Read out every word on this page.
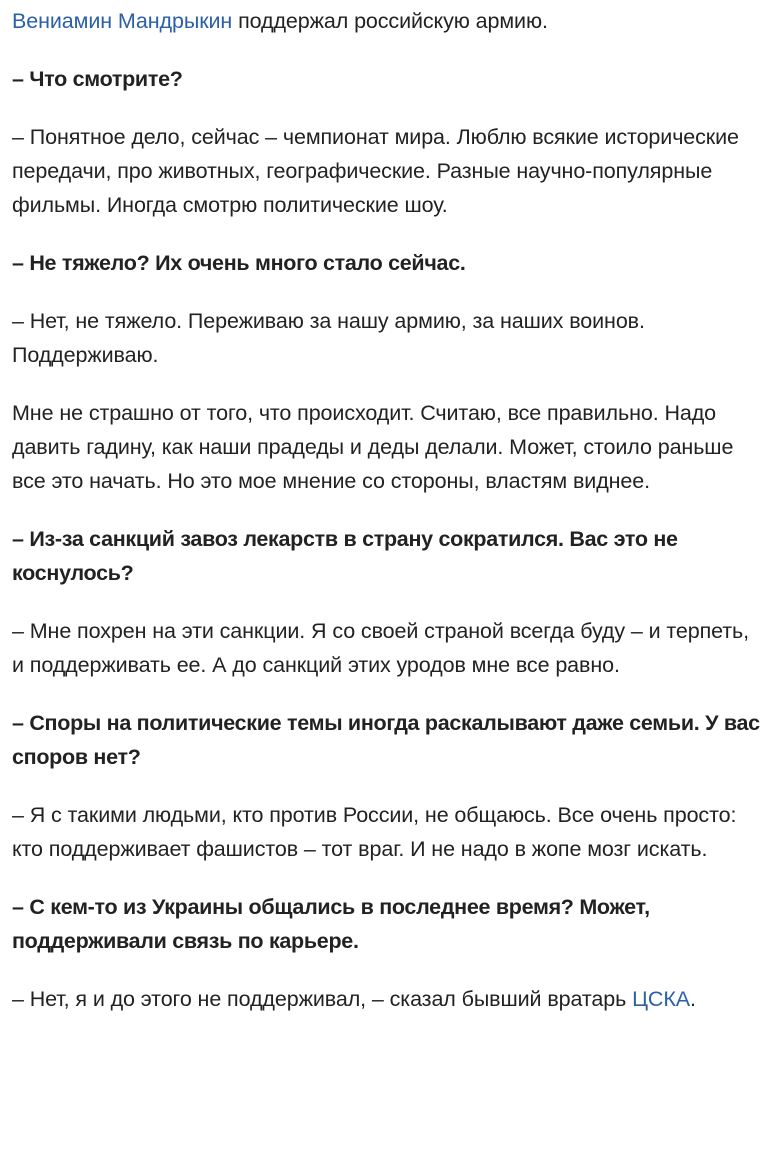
Вениамин Мандрыкин поддержал российскую армию.

– Что смотрите?

– Понятное дело, сейчас – чемпионат мира. Люблю всякие исторические передачи, про животных, географические. Разные научно-популярные фильмы. Иногда смотрю политические шоу.

– Не тяжело? Их очень много стало сейчас.

– Нет, не тяжело. Переживаю за нашу армию, за наших воинов. Поддерживаю.

Мне не страшно от того, что происходит. Считаю, все правильно. Надо давить гадину, как наши прадеды и деды делали. Может, стоило раньше все это начать. Но это мое мнение со стороны, властям виднее.

– Из-за санкций завоз лекарств в страну сократился. Вас это не коснулось?

– Мне похрен на эти санкции. Я со своей страной всегда буду – и терпеть, и поддерживать ее. А до санкций этих уродов мне все равно.

– Споры на политические темы иногда раскалывают даже семьи. У вас споров нет?

– Я с такими людьми, кто против России, не общаюсь. Все очень просто: кто поддерживает фашистов – тот враг. И не надо в жопе мозг искать.

– С кем-то из Украины общались в последнее время? Может, поддерживали связь по карьере.

– Нет, я и до этого не поддерживал, – сказал бывший вратарь ЦСКА.
